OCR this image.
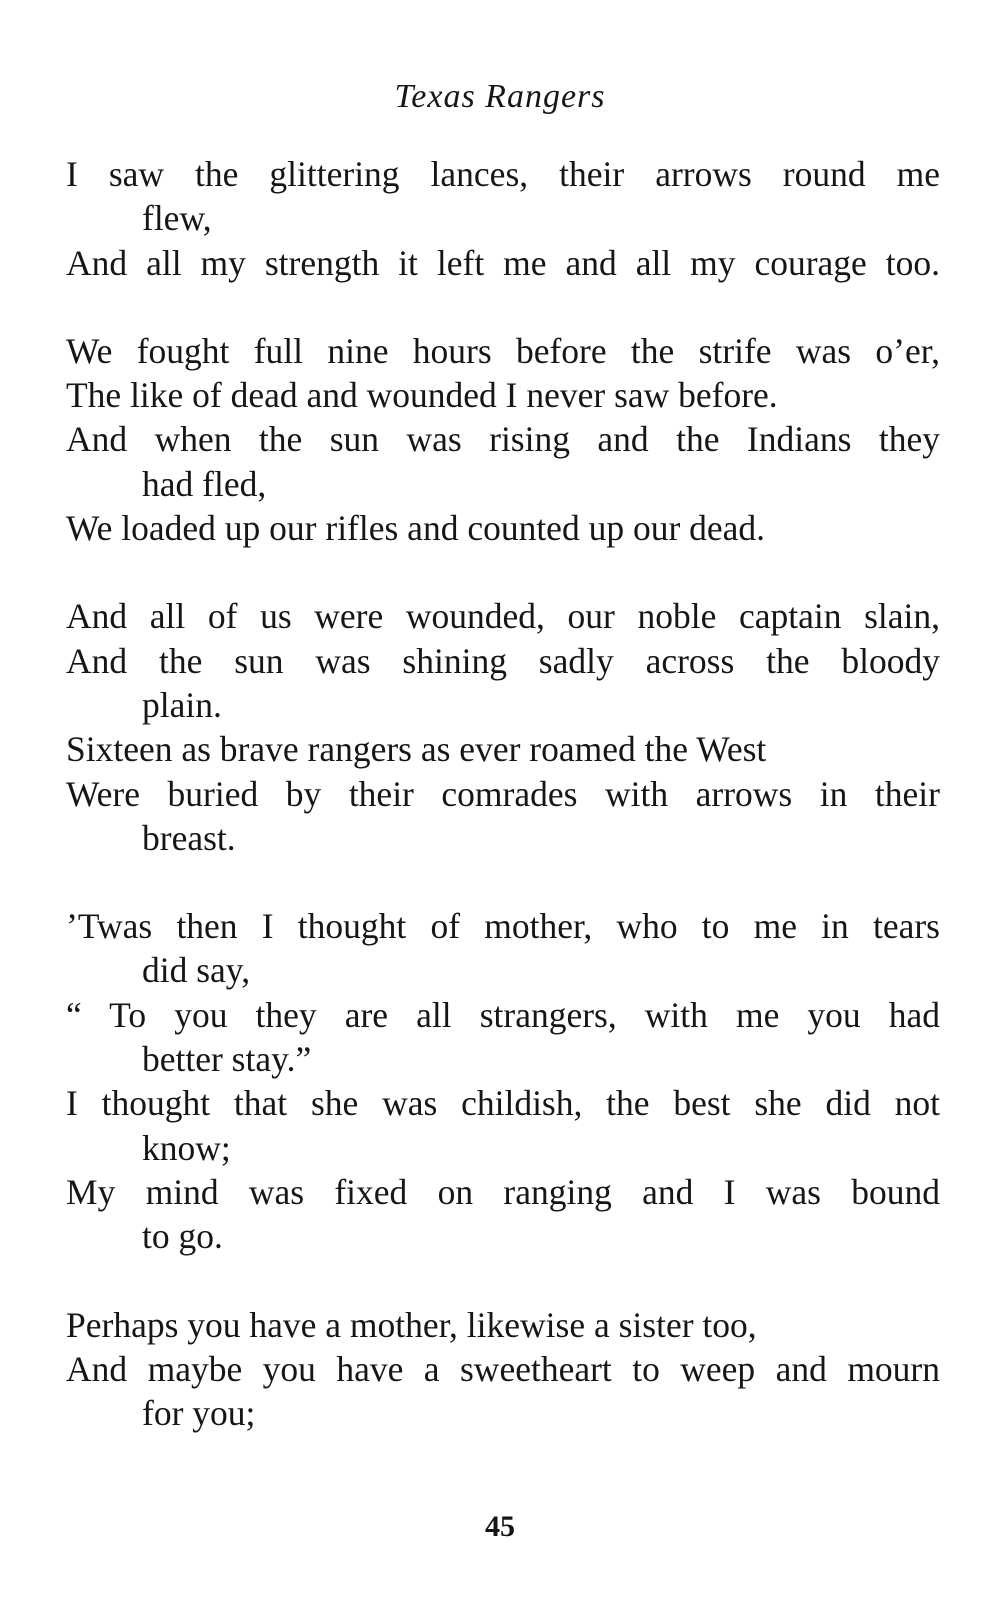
Texas Rangers

I saw the glittering lances, their arrows round me
flew,

And all my strength it left me and all my courage too.

We fought full nine hours before the strife was o’er,

The like of dead and wounded I never saw before.

And when the sun was rising and the Indians they
had fled,

We loaded up our rifles and counted up our dead.

And all of us were wounded, our noble captain slain,

And the sun was shining sadly across the bloody
plain.

Sixteen as brave rangers as ever roamed the West

Were buried by their comrades with arrows in their
breast.

’Twas then I thought of mother, who to me in tears
did say,

“ To you they are all strangers, with me you had
better stay.”

I thought that she was childish, the best she did not
know;

My mind was fixed on ranging and I was bound
to go.

Perhaps you have a mother, likewise a sister too,

And maybe you have a sweetheart to weep and mourn
for you;

45
